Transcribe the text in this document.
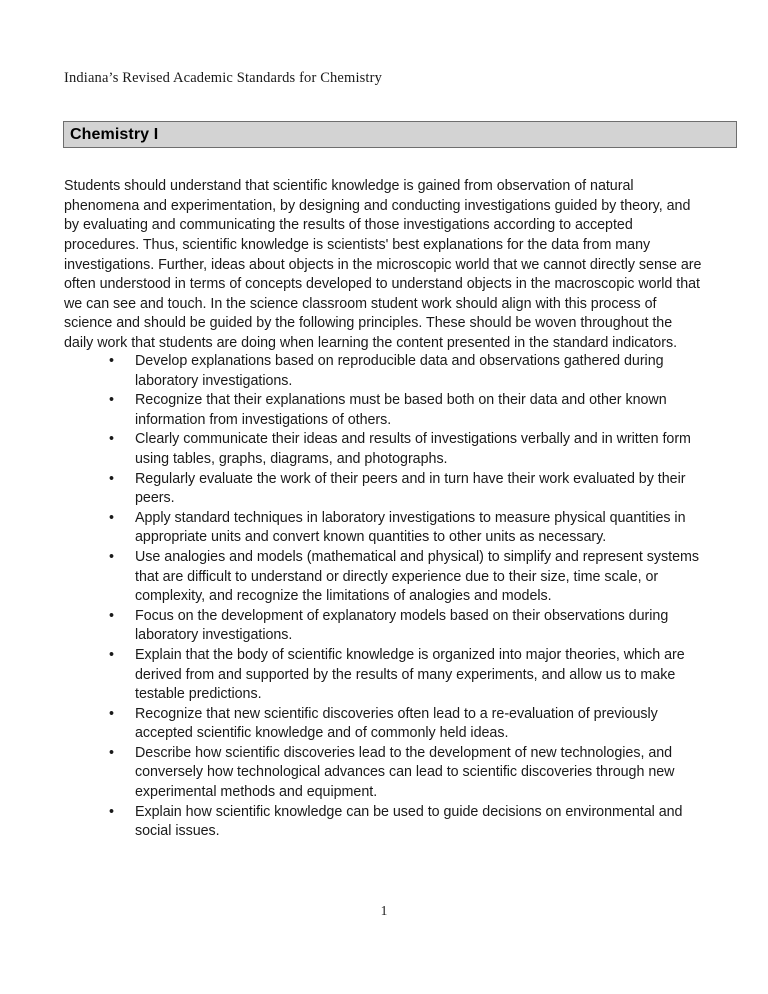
Indiana’s Revised Academic Standards for Chemistry
Chemistry I

Students should understand that scientific knowledge is gained from observation of natural phenomena and experimentation, by designing and conducting investigations guided by theory, and by evaluating and communicating the results of those investigations according to accepted procedures. Thus, scientific knowledge is scientists' best explanations for the data from many investigations. Further, ideas about objects in the microscopic world that we cannot directly sense are often understood in terms of concepts developed to understand objects in the macroscopic world that we can see and touch. In the science classroom student work should align with this process of science and should be guided by the following principles. These should be woven throughout the daily work that students are doing when learning the content presented in the standard indicators.

• Develop explanations based on reproducible data and observations gathered during laboratory investigations.
• Recognize that their explanations must be based both on their data and other known information from investigations of others.
• Clearly communicate their ideas and results of investigations verbally and in written form using tables, graphs, diagrams, and photographs.
• Regularly evaluate the work of their peers and in turn have their work evaluated by their peers.
• Apply standard techniques in laboratory investigations to measure physical quantities in appropriate units and convert known quantities to other units as necessary.
• Use analogies and models (mathematical and physical) to simplify and represent systems that are difficult to understand or directly experience due to their size, time scale, or complexity, and recognize the limitations of analogies and models.
• Focus on the development of explanatory models based on their observations during laboratory investigations.
• Explain that the body of scientific knowledge is organized into major theories, which are derived from and supported by the results of many experiments, and allow us to make testable predictions.
• Recognize that new scientific discoveries often lead to a re-evaluation of previously accepted scientific knowledge and of commonly held ideas.
• Describe how scientific discoveries lead to the development of new technologies, and conversely how technological advances can lead to scientific discoveries through new experimental methods and equipment.
• Explain how scientific knowledge can be used to guide decisions on environmental and social issues.
1
